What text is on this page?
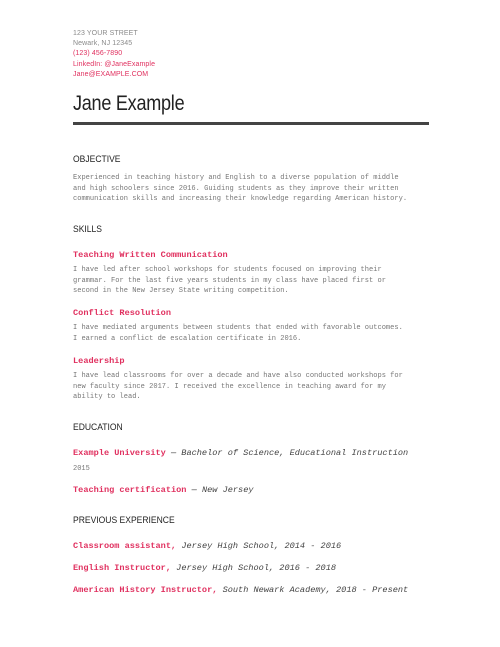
123 YOUR STREET
Newark, NJ 12345
(123) 456-7890
LinkedIn: @JaneExample
Jane@EXAMPLE.COM
Jane Example
OBJECTIVE
Experienced in teaching history and English to a diverse population of middle
and high schoolers since 2016. Guiding students as they improve their written
communication skills and increasing their knowledge regarding American history.
SKILLS
Teaching Written Communication
I have led after school workshops for students focused on improving their
grammar. For the last five years students in my class have placed first or
second in the New Jersey State writing competition.
Conflict Resolution
I have mediated arguments between students that ended with favorable outcomes.
I earned a conflict de escalation certificate in 2016.
Leadership
I have lead classrooms for over a decade and have also conducted workshops for
new faculty since 2017. I received the excellence in teaching award for my
ability to lead.
EDUCATION
Example University — Bachelor of Science, Educational Instruction
2015
Teaching certification — New Jersey
PREVIOUS EXPERIENCE
Classroom assistant, Jersey High School, 2014 - 2016
English Instructor, Jersey High School, 2016 - 2018
American History Instructor, South Newark Academy, 2018 - Present
